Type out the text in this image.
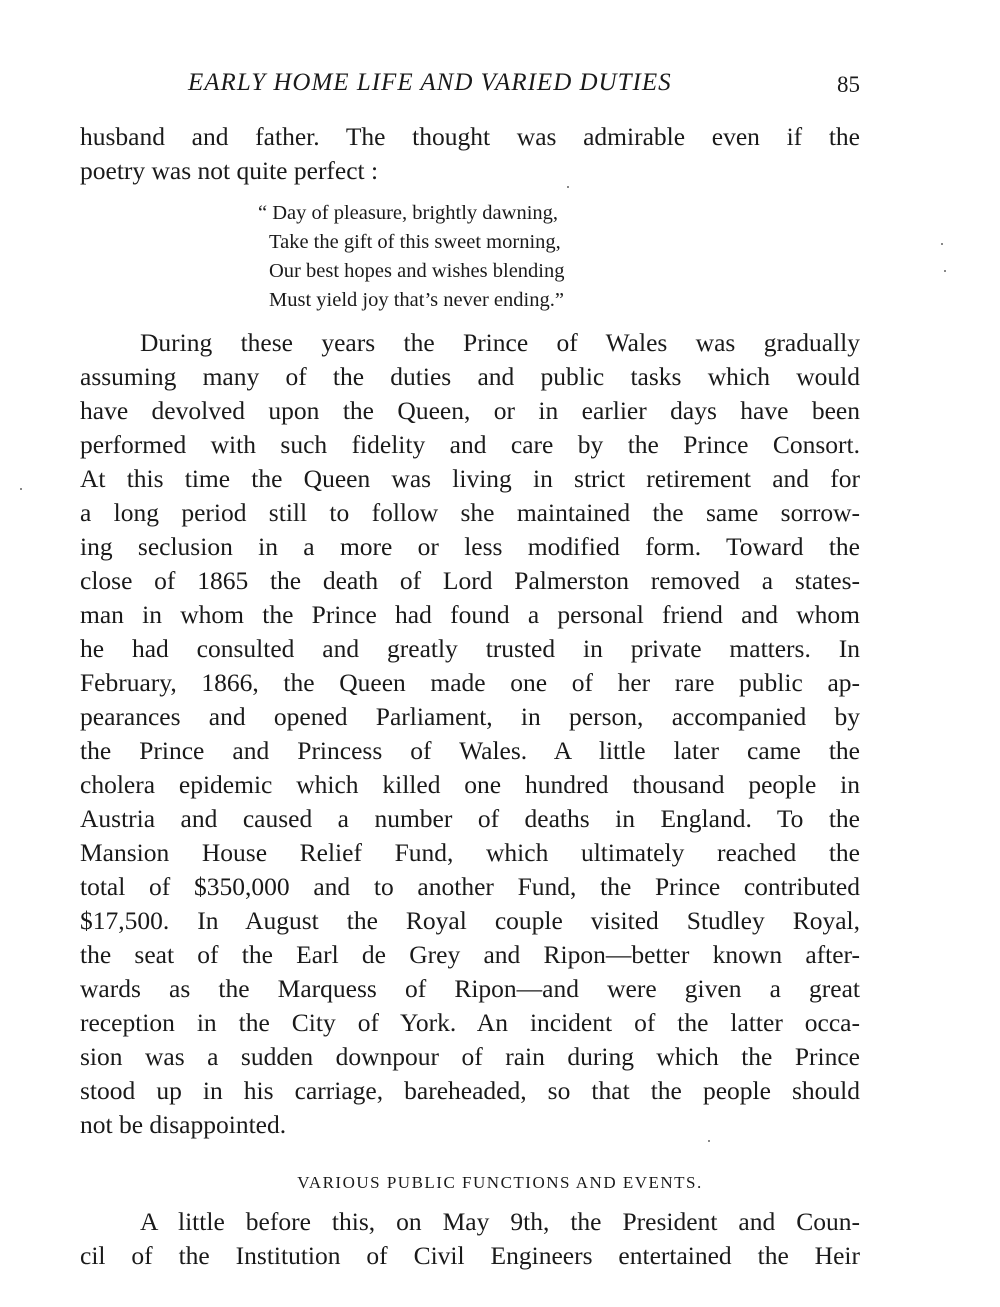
EARLY HOME LIFE AND VARIED DUTIES	85
husband and father. The thought was admirable even if the
poetry was not quite perfect :
“ Day of pleasure, brightly dawning,
Take the gift of this sweet morning,
Our best hopes and wishes blending
Must yield joy that’s never ending.”
During these years the Prince of Wales was gradually
assuming many of the duties and public tasks which would
have devolved upon the Queen, or in earlier days have been
performed with such fidelity and care by the Prince Consort.
At this time the Queen was living in strict retirement and for
a long period still to follow she maintained the same sorrow-
ing seclusion in a more or less modified form. Toward the
close of 1865 the death of Lord Palmerston removed a states-
man in whom the Prince had found a personal friend and whom
he had consulted and greatly trusted in private matters. In
February, 1866, the Queen made one of her rare public ap-
pearances and opened Parliament, in person, accompanied by
the Prince and Princess of Wales. A little later came the
cholera epidemic which killed one hundred thousand people in
Austria and caused a number of deaths in England. To the
Mansion House Relief Fund, which ultimately reached the
total of $350,000 and to another Fund, the Prince contributed
$17,500. In August the Royal couple visited Studley Royal,
the seat of the Earl de Grey and Ripon—better known after-
wards as the Marquess of Ripon—and were given a great
reception in the City of York. An incident of the latter occa-
sion was a sudden downpour of rain during which the Prince
stood up in his carriage, bareheaded, so that the people should
not be disappointed.
VARIOUS PUBLIC FUNCTIONS AND EVENTS.
A little before this, on May 9th, the President and Coun-
cil of the Institution of Civil Engineers entertained the Heir
